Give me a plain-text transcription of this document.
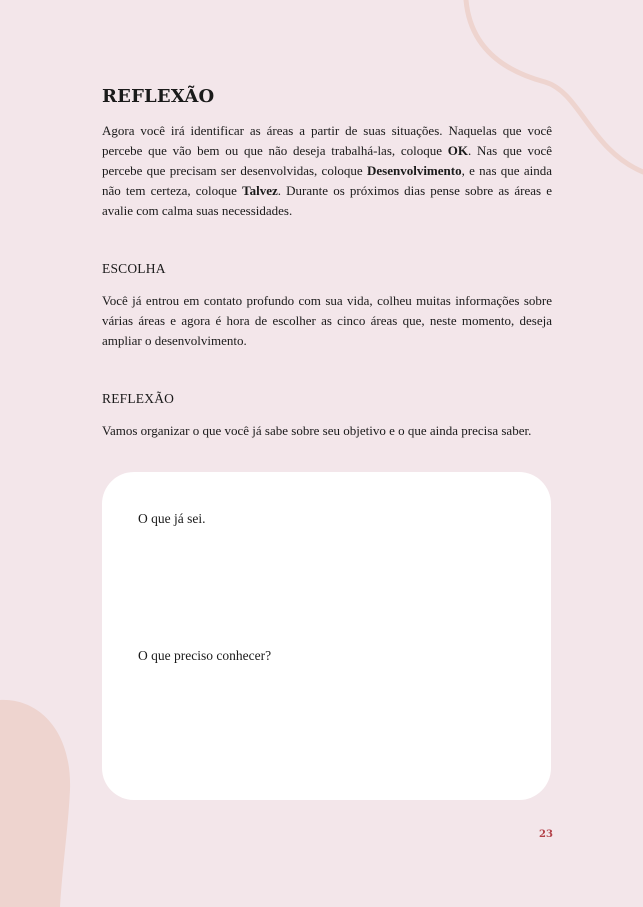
REFLEXÃO

Agora você irá identificar as áreas a partir de suas situações. Naquelas que você percebe que vão bem ou que não deseja trabalhá-las, coloque OK. Nas que você percebe que precisam ser desenvolvidas, coloque Desenvolvimento, e nas que ainda não tem certeza, coloque Talvez. Durante os próximos dias pense sobre as áreas e avalie com calma suas necessidades.

ESCOLHA

Você já entrou em contato profundo com sua vida, colheu muitas informações sobre várias áreas e agora é hora de escolher as cinco áreas que, neste momento, deseja ampliar o desenvolvimento.

REFLEXÃO

Vamos organizar o que você já sabe sobre seu objetivo e o que ainda precisa saber.

O que já sei.
O que preciso conhecer?
23
